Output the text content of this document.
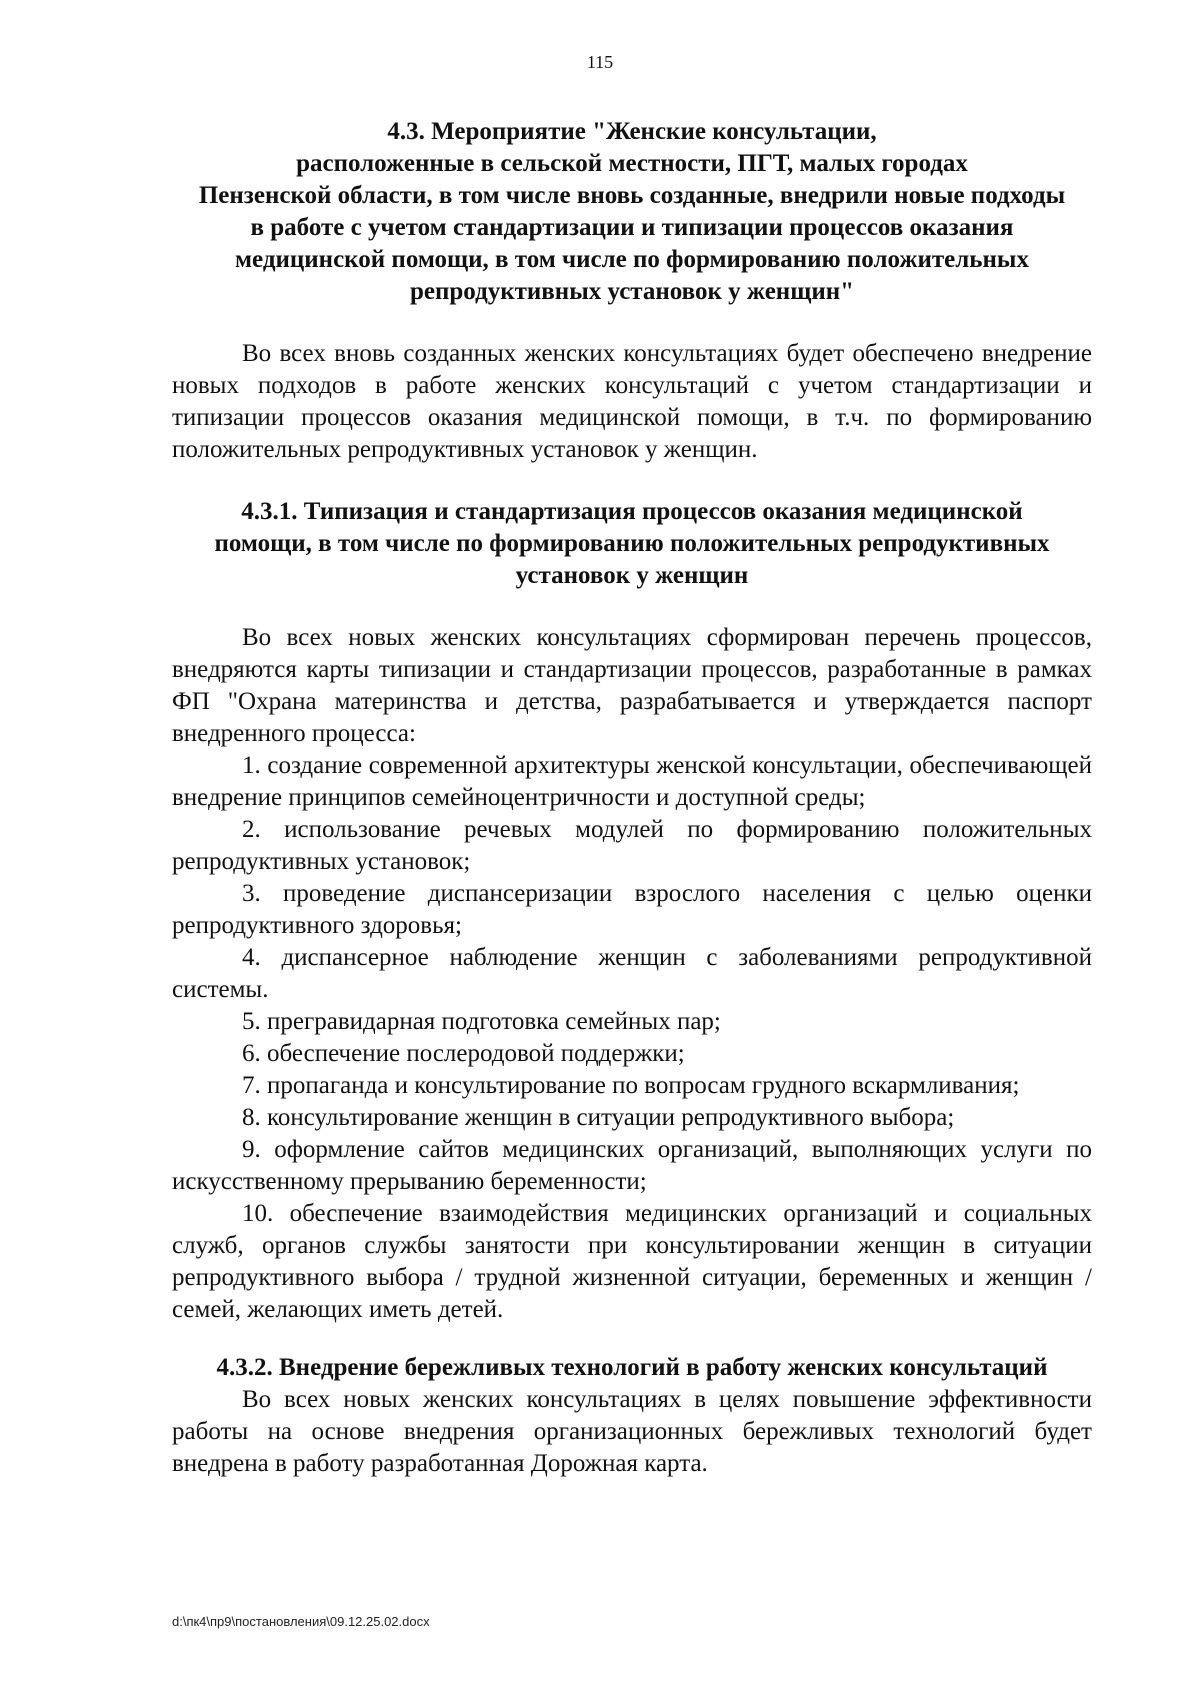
115
4.3. Мероприятие "Женские консультации,
расположенные в сельской местности, ПГТ, малых городах
Пензенской области, в том числе вновь созданные, внедрили новые подходы
в работе с учетом стандартизации и типизации процессов оказания
медицинской помощи, в том числе по формированию положительных
репродуктивных установок у женщин"

Во всех вновь созданных женских консультациях будет обеспечено внедрение новых подходов в работе женских консультаций с учетом стандартизации и типизации процессов оказания медицинской помощи, в т.ч. по формированию положительных репродуктивных установок у женщин.

4.3.1. Типизация и стандартизация процессов оказания медицинской
помощи, в том числе по формированию положительных репродуктивных
установок у женщин

Во всех новых женских консультациях сформирован перечень процессов, внедряются карты типизации и стандартизации процессов, разработанные в рамках ФП "Охрана материнства и детства, разрабатывается и утверждается паспорт внедренного процесса:

1. создание современной архитектуры женской консультации, обеспечивающей внедрение принципов семейноцентричности и доступной среды;
2. использование речевых модулей по формированию положительных репродуктивных установок;
3. проведение диспансеризации взрослого населения с целью оценки репродуктивного здоровья;
4. диспансерное наблюдение женщин с заболеваниями репродуктивной системы.
5. прегравидарная подготовка семейных пар;
6. обеспечение послеродовой поддержки;
7. пропаганда и консультирование по вопросам грудного вскармливания;
8. консультирование женщин в ситуации репродуктивного выбора;
9. оформление сайтов медицинских организаций, выполняющих услуги по искусственному прерыванию беременности;
10. обеспечение взаимодействия медицинских организаций и социальных служб, органов службы занятости при консультировании женщин в ситуации репродуктивного выбора / трудной жизненной ситуации, беременных и женщин / семей, желающих иметь детей.
4.3.2. Внедрение бережливых технологий в работу женских консультаций

Во всех новых женских консультациях в целях повышение эффективности работы на основе внедрения организационных бережливых технологий будет внедрена в работу разработанная Дорожная карта.

d:\пк4\пр9\постановления\09.12.25.02.docx
